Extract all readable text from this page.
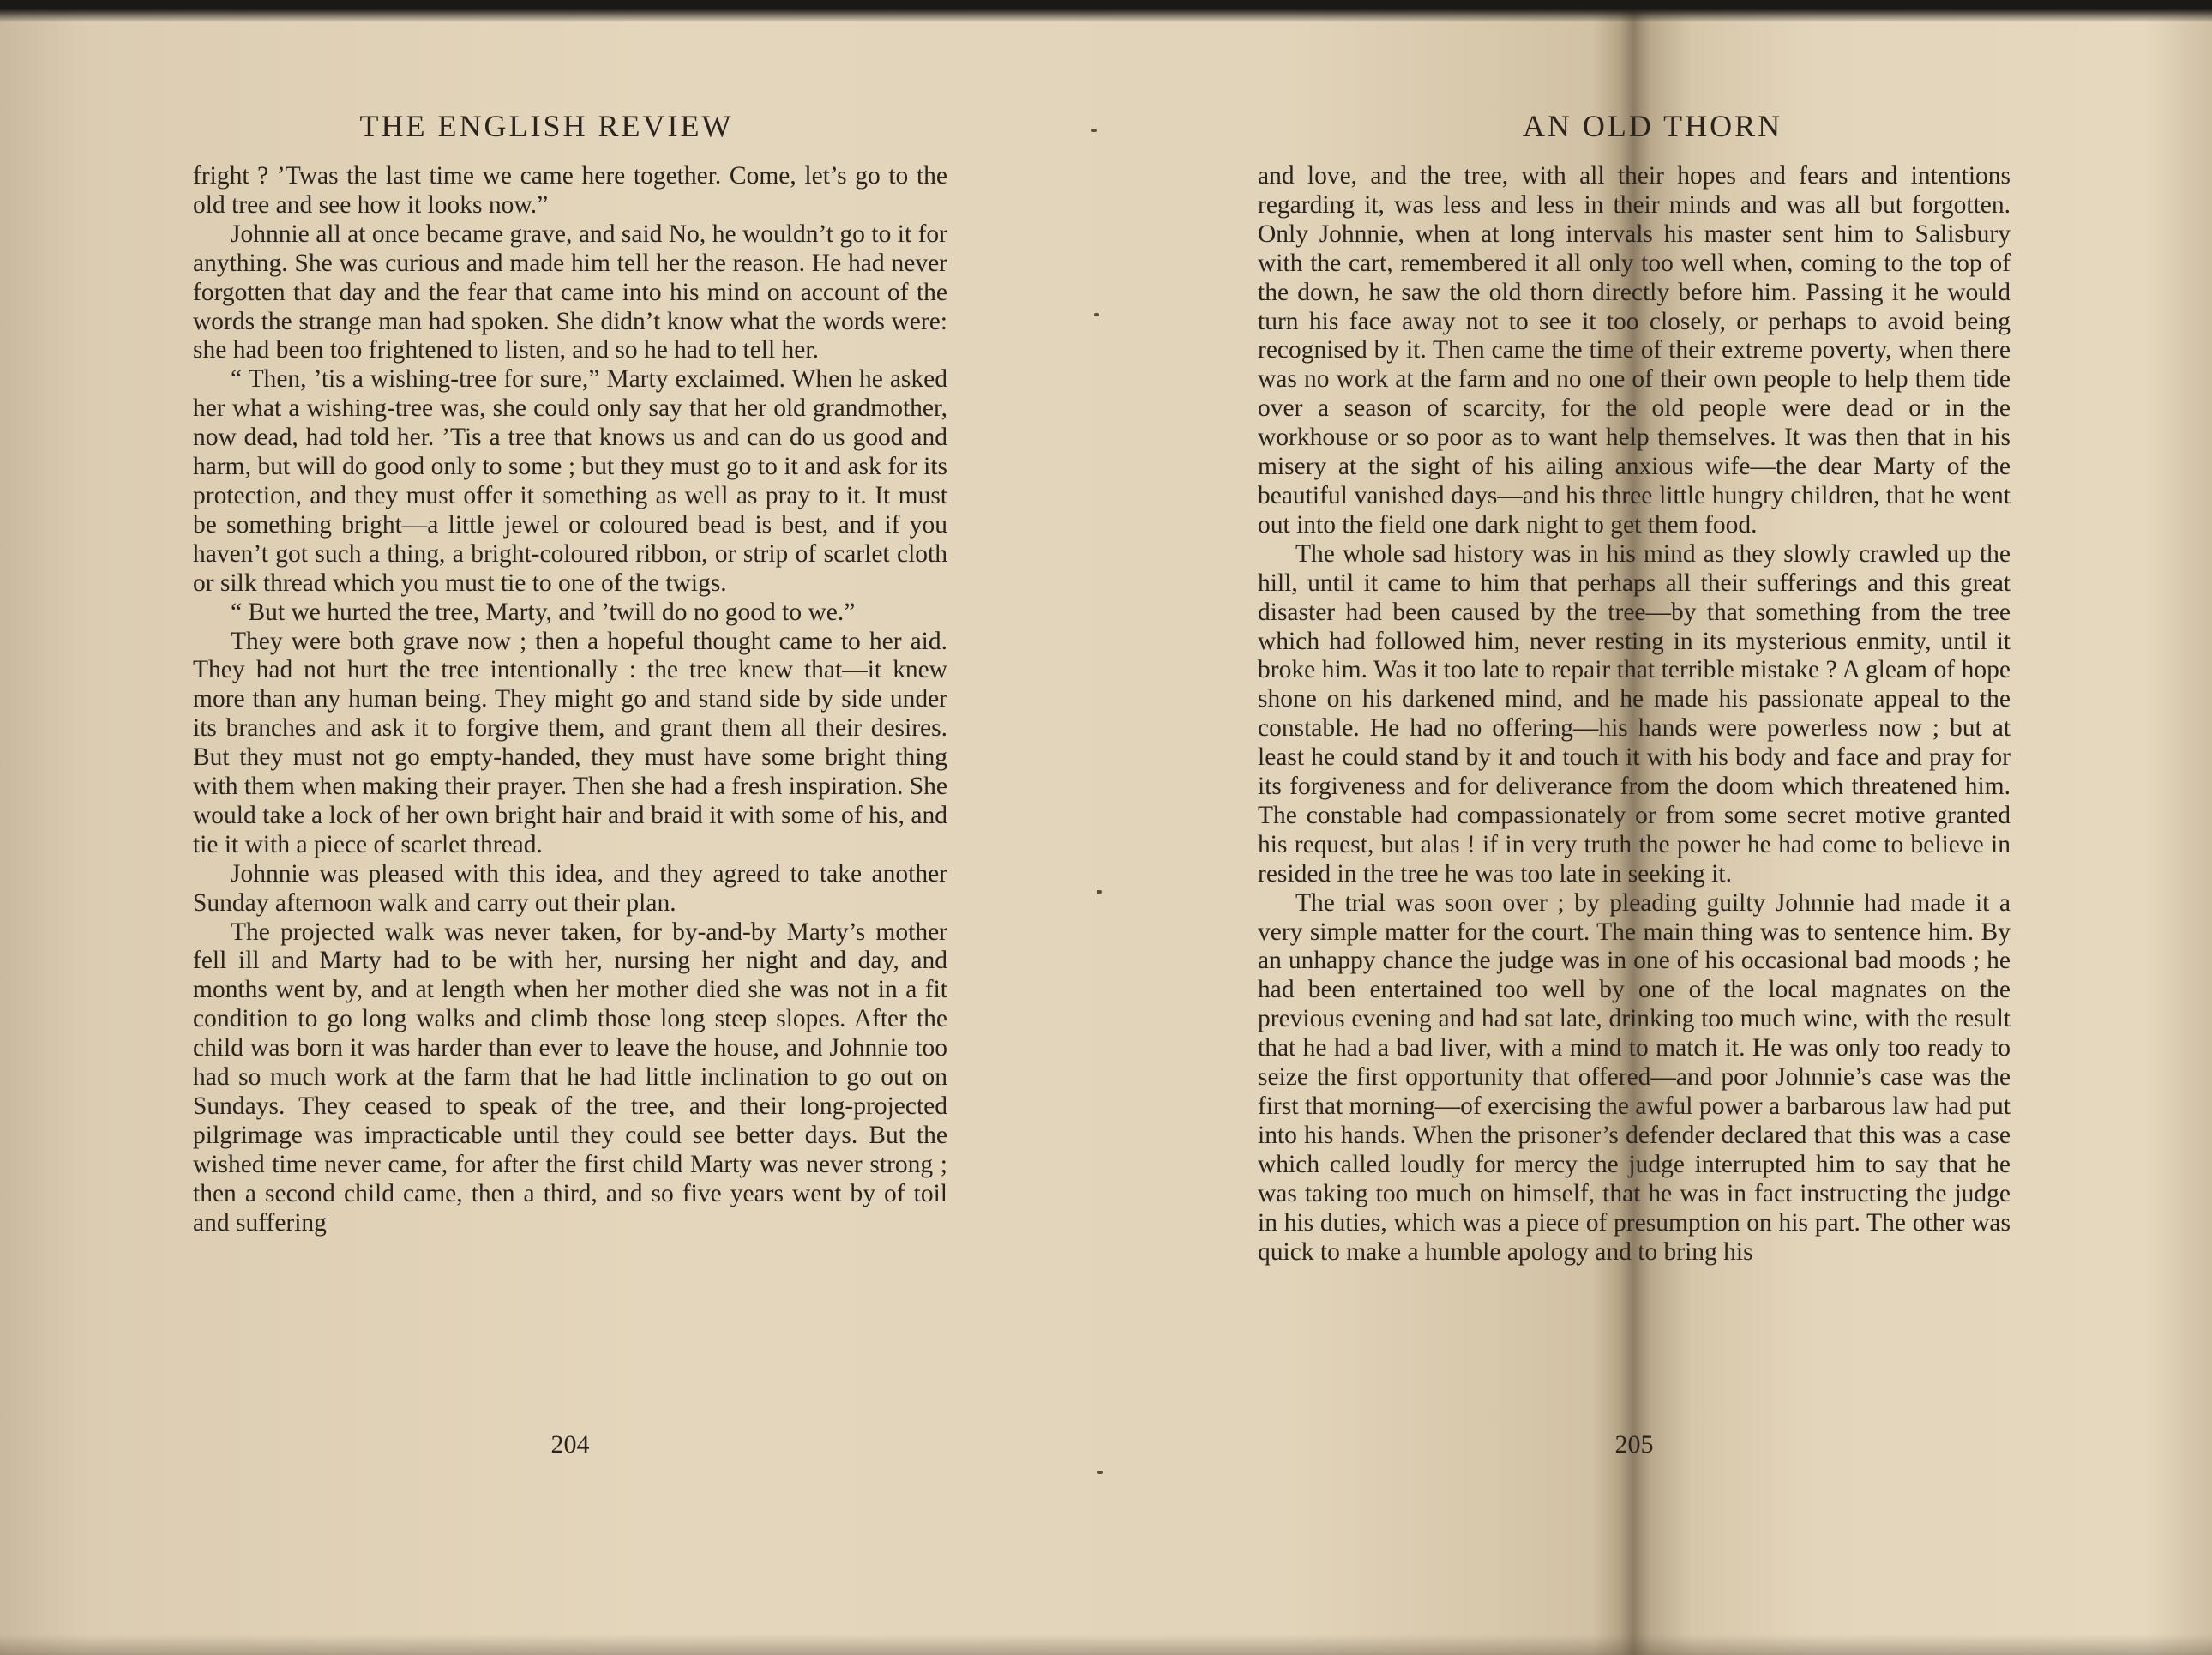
THE ENGLISH REVIEW

fright ? ’Twas the last time we came here together. Come, let’s go to the old tree and see how it looks now.”

Johnnie all at once became grave, and said No, he wouldn’t go to it for anything. She was curious and made him tell her the reason. He had never forgotten that day and the fear that came into his mind on account of the words the strange man had spoken. She didn’t know what the words were: she had been too frightened to listen, and so he had to tell her.

“ Then, ’tis a wishing-tree for sure,” Marty exclaimed. When he asked her what a wishing-tree was, she could only say that her old grandmother, now dead, had told her. ’Tis a tree that knows us and can do us good and harm, but will do good only to some ; but they must go to it and ask for its protection, and they must offer it something as well as pray to it. It must be something bright—a little jewel or coloured bead is best, and if you haven’t got such a thing, a bright-coloured ribbon, or strip of scarlet cloth or silk thread which you must tie to one of the twigs.

“ But we hurted the tree, Marty, and ’twill do no good to we.”

They were both grave now ; then a hopeful thought came to her aid. They had not hurt the tree intentionally : the tree knew that—it knew more than any human being. They might go and stand side by side under its branches and ask it to forgive them, and grant them all their desires. But they must not go empty-handed, they must have some bright thing with them when making their prayer. Then she had a fresh inspiration. She would take a lock of her own bright hair and braid it with some of his, and tie it with a piece of scarlet thread.

Johnnie was pleased with this idea, and they agreed to take another Sunday afternoon walk and carry out their plan.

The projected walk was never taken, for by-and-by Marty’s mother fell ill and Marty had to be with her, nursing her night and day, and months went by, and at length when her mother died she was not in a fit condition to go long walks and climb those long steep slopes. After the child was born it was harder than ever to leave the house, and Johnnie too had so much work at the farm that he had little inclination to go out on Sundays. They ceased to speak of the tree, and their long-projected pilgrimage was impracticable until they could see better days. But the wished time never came, for after the first child Marty was never strong ; then a second child came, then a third, and so five years went by of toil and suffering

204
AN OLD THORN

and love, and the tree, with all their hopes and fears and intentions regarding it, was less and less in their minds and was all but forgotten. Only Johnnie, when at long intervals his master sent him to Salisbury with the cart, remembered it all only too well when, coming to the top of the down, he saw the old thorn directly before him. Passing it he would turn his face away not to see it too closely, or perhaps to avoid being recognised by it. Then came the time of their extreme poverty, when there was no work at the farm and no one of their own people to help them tide over a season of scarcity, for the old people were dead or in the workhouse or so poor as to want help themselves. It was then that in his misery at the sight of his ailing anxious wife—the dear Marty of the beautiful vanished days—and his three little hungry children, that he went out into the field one dark night to get them food.

The whole sad history was in his mind as they slowly crawled up the hill, until it came to him that perhaps all their sufferings and this great disaster had been caused by the tree—by that something from the tree which had followed him, never resting in its mysterious enmity, until it broke him. Was it too late to repair that terrible mistake ? A gleam of hope shone on his darkened mind, and he made his passionate appeal to the constable. He had no offering—his hands were powerless now ; but at least he could stand by it and touch it with his body and face and pray for its forgiveness and for deliverance from the doom which threatened him. The constable had compassionately or from some secret motive granted his request, but alas ! if in very truth the power he had come to believe in resided in the tree he was too late in seeking it.

The trial was soon over ; by pleading guilty Johnnie had made it a very simple matter for the court. The main thing was to sentence him. By an unhappy chance the judge was in one of his occasional bad moods ; he had been entertained too well by one of the local magnates on the previous evening and had sat late, drinking too much wine, with the result that he had a bad liver, with a mind to match it. He was only too ready to seize the first opportunity that offered—and poor Johnnie’s case was the first that morning—of exercising the awful power a barbarous law had put into his hands. When the prisoner’s defender declared that this was a case which called loudly for mercy the judge interrupted him to say that he was taking too much on himself, that he was in fact instructing the judge in his duties, which was a piece of presumption on his part. The other was quick to make a humble apology and to bring his

205
